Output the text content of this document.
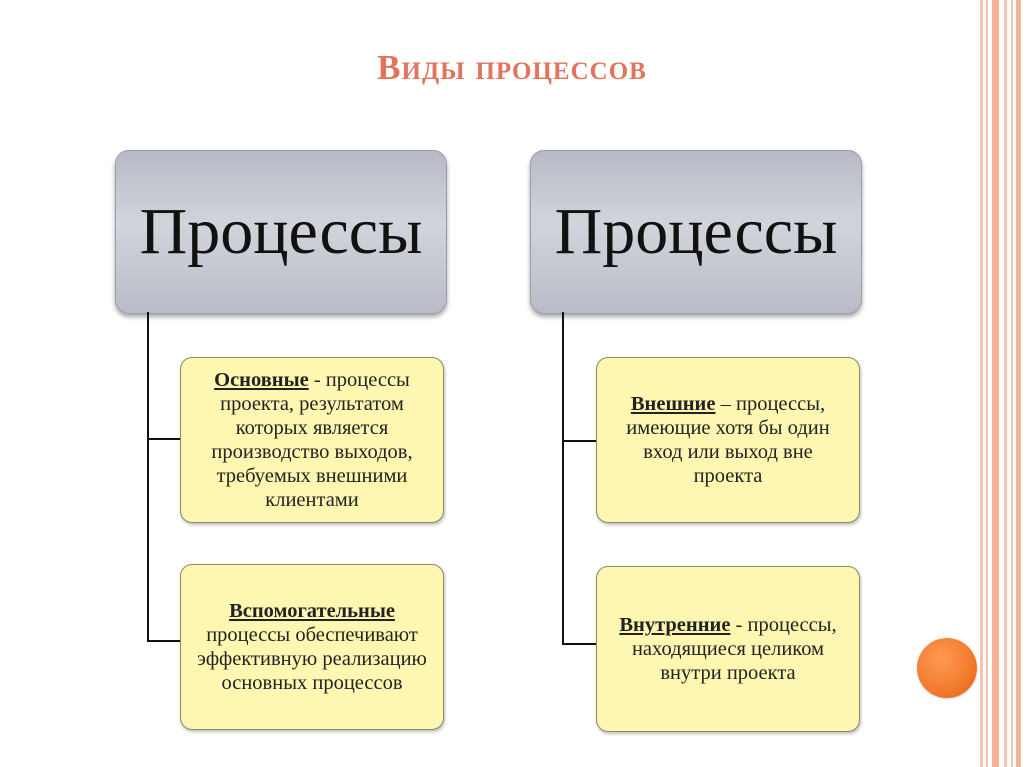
Виды процессов
Процессы
Основные - процессы проекта, результатом которых является производство выходов, требуемых внешними клиентами
Вспомогательные
процессы обеспечивают эффективную реализацию основных процессов
Процессы
Внешние – процессы, имеющие хотя бы один вход или выход вне проекта
Внутренние - процессы, находящиеся целиком внутри проекта
